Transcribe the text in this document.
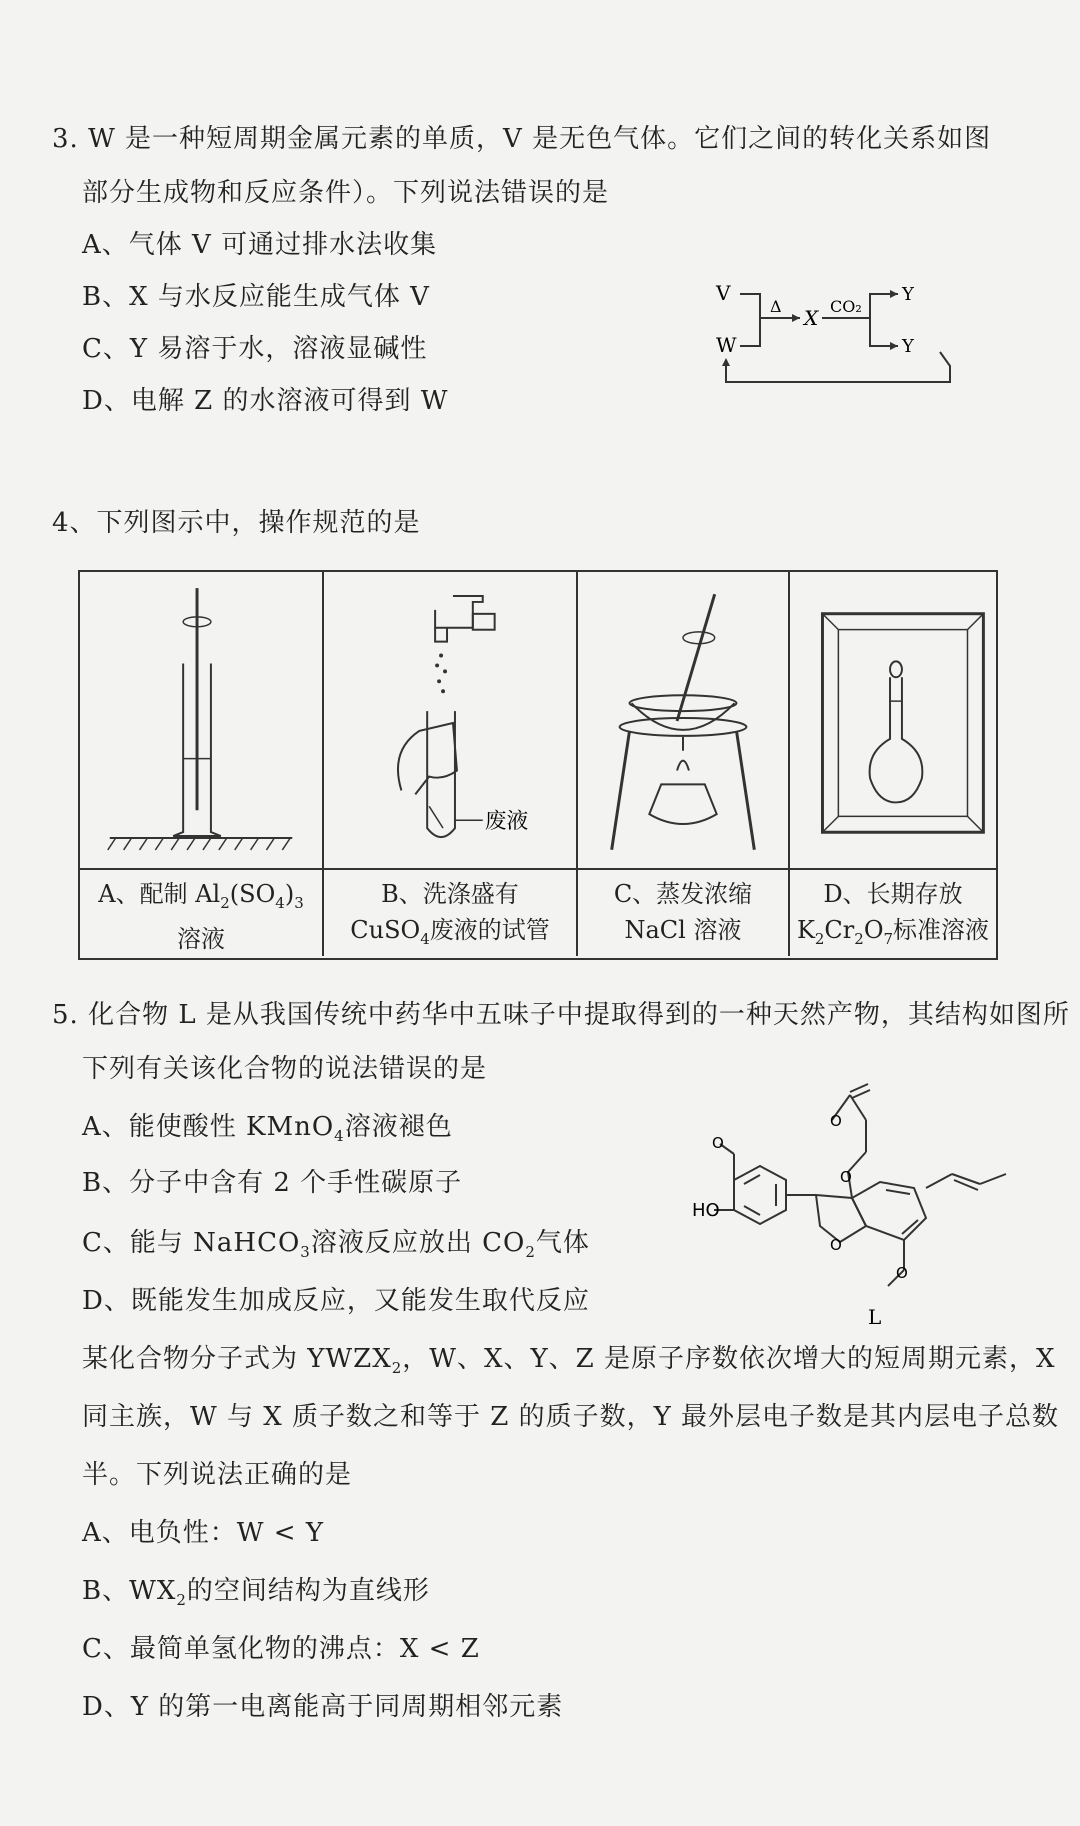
3. W 是一种短周期金属元素的单质，V 是无色气体。它们之间的转化关系如图
部分生成物和反应条件）。下列说法错误的是
A、气体 V 可通过排水法收集
B、X 与水反应能生成气体 V
C、Y 易溶于水，溶液显碱性
D、电解 Z 的水溶液可得到 W
V
W
Δ X CO₂
Y
Y
4、下列图示中，操作规范的是
A、配制 $Al_2(SO_4)_3$
溶液
废液
B、洗涤盛有
CuSO$_4$废液的试管
C、蒸发浓缩
NaCl 溶液
D、长期存放
$K_2Cr_2O_7$标准溶液
5. 化合物 L 是从我国传统中药华中五味子中提取得到的一种天然产物，其结构如图所
下列有关该化合物的说法错误的是
A、能使酸性 KMnO$_4$溶液褪色
B、分子中含有 2 个手性碳原子
C、能与 NaHCO$_3$溶液反应放出 $CO_2$气体
D、既能发生加成反应，又能发生取代反应
O
O
O
O
O
HO
L
某化合物分子式为 $YWZX_2$，W、X、Y、Z 是原子序数依次增大的短周期元素，X
同主族，W 与 X 质子数之和等于 Z 的质子数，Y 最外层电子数是其内层电子总数
半。下列说法正确的是
A、电负性：W < Y
B、$WX_2$的空间结构为直线形
C、最简单氢化物的沸点：X < Z
D、Y 的第一电离能高于同周期相邻元素
